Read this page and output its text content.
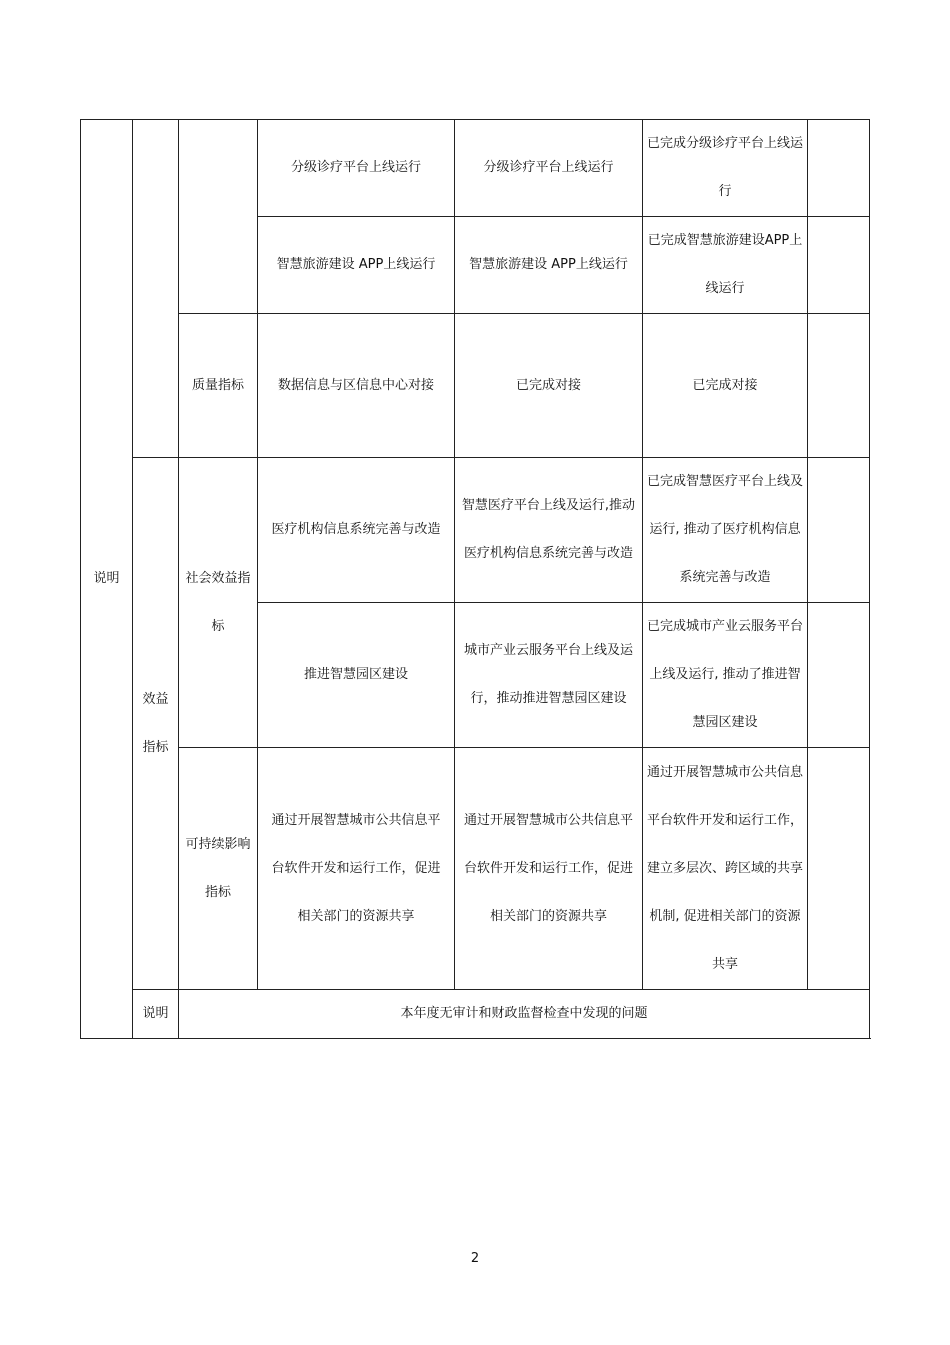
说明			分级诊疗平台上线运行	分级诊疗平台上线运行	已完成分级诊疗平台上线运行	
			智慧旅游建设 APP上线运行	智慧旅游建设 APP上线运行	已完成智慧旅游建设APP上线运行	
		质量指标	数据信息与区信息中心对接	已完成对接	已完成对接	
	效益指标	社会效益指标	医疗机构信息系统完善与改造	智慧医疗平台上线及运行,推动医疗机构信息系统完善与改造	已完成智慧医疗平台上线及运行, 推动了医疗机构信息系统完善与改造	
			推进智慧园区建设	城市产业云服务平台上线及运行，推动推进智慧园区建设	已完成城市产业云服务平台上线及运行, 推动了推进智慧园区建设	
		可持续影响指标	通过开展智慧城市公共信息平台软件开发和运行工作，促进相关部门的资源共享	通过开展智慧城市公共信息平台软件开发和运行工作，促进相关部门的资源共享	通过开展智慧城市公共信息平台软件开发和运行工作，建立多层次、跨区域的共享机制, 促进相关部门的资源共享	
	说明	本年度无审计和财政监督检查中发现的问题				
2
